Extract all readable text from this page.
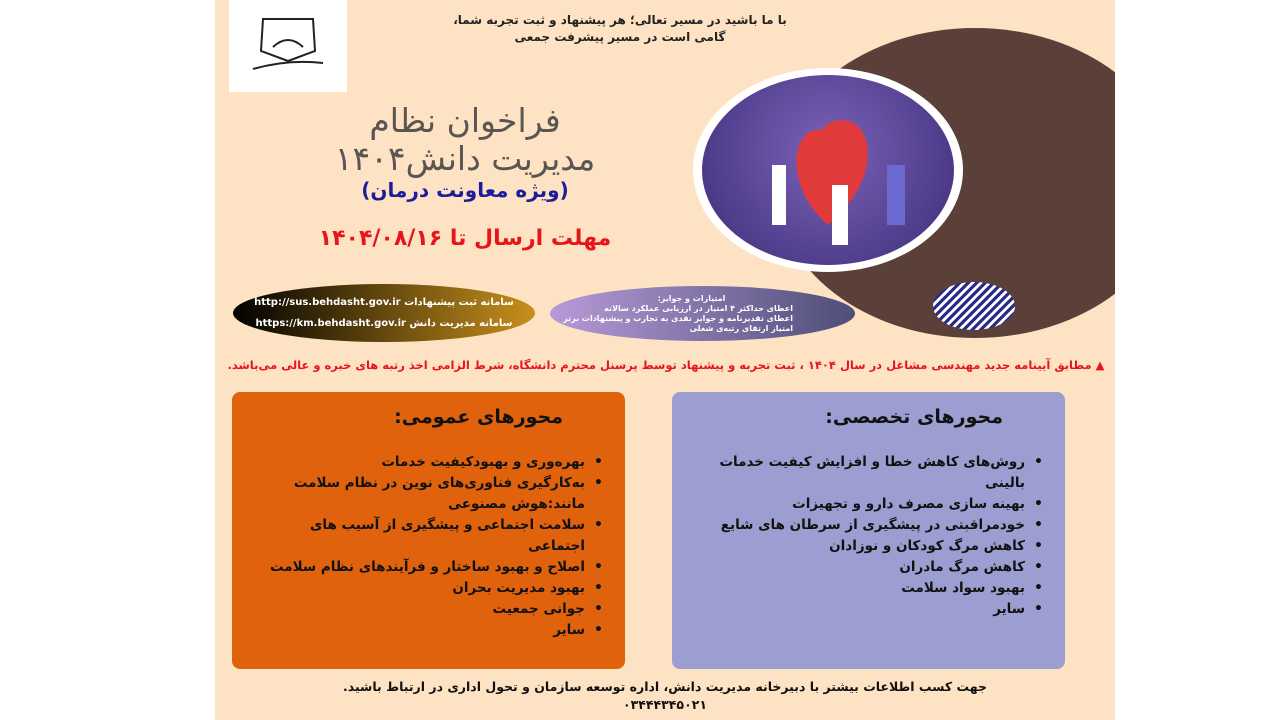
با ما باشید در مسیر تعالی؛ هر پیشنهاد و ثبت تجربه شما،
گامی است در مسیر پیشرفت جمعی
فراخوان نظام
مدیریت دانش۱۴۰۴
(ویژه معاونت درمان)
مهلت ارسال تا ۱۴۰۴/۰۸/۱۶
سامانه ثبت پیشنهادات http://sus.behdasht.gov.ir
سامانه مدیریت دانش https://km.behdasht.gov.ir
امتیازات و جوایز:
اعطای حداکثر ۴ امتیاز در ارزیابی عملکرد سالانه
اعطای تقدیرنامه و جوایز نقدی به تجارب و پیشنهادات برتر
امتیاز ارتقای رتبه‌ی شغلی
▲ مطابق آیینامه جدید مهندسی مشاغل در سال ۱۴۰۴ ، ثبت تجربه و پیشنهاد توسط پرسنل محترم دانشگاه، شرط الزامی اخذ رتبه های خبره و عالی می‌باشد.
محورهای عمومی:
• بهره‌وری و بهبودکیفیت خدمات
• به‌کارگیری فناوری‌های نوین در نظام سلامت مانند:هوش مصنوعی
• سلامت اجتماعی و پیشگیری از آسیب های اجتماعی
• اصلاح و بهبود ساختار و فرآیندهای نظام سلامت
• بهبود مدیریت بحران
• جوانی جمعیت
• سایر
محورهای تخصصی:
• روش‌های کاهش خطا و افزایش کیفیت خدمات بالینی
• بهینه سازی مصرف دارو و تجهیزات
• خودمراقبتی در پیشگیری از سرطان های شایع
• کاهش مرگ کودکان و نوزادان
• کاهش مرگ مادران
• بهبود سواد سلامت
• سایر
جهت کسب اطلاعات بیشتر با دبیرخانه مدیریت دانش، اداره توسعه سازمان و تحول اداری در ارتباط باشید.
۰۳۴۴۴۳۴۵۰۲۱
